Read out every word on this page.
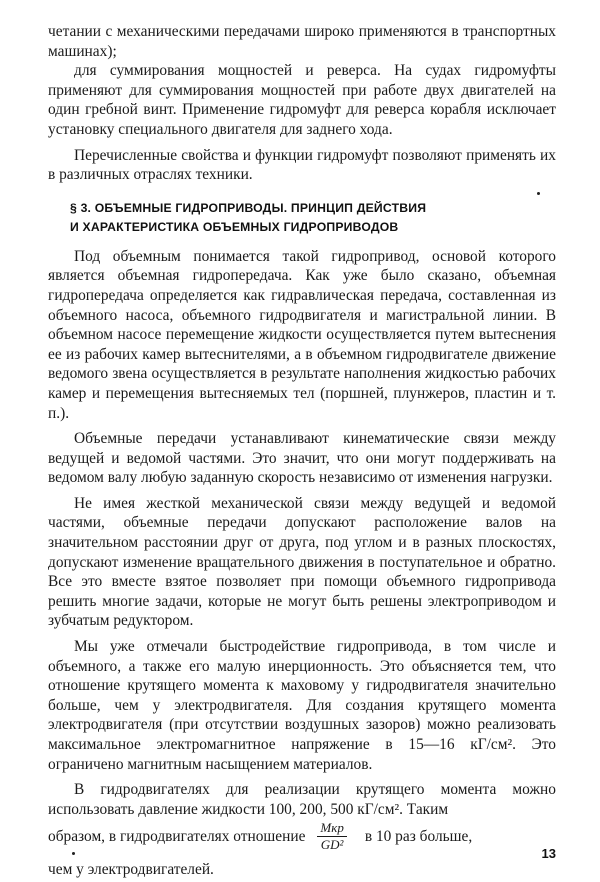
четании с механическими передачами широко применяются в транспортных машинах);

для суммирования мощностей и реверса. На судах гидромуфты применяют для суммирования мощностей при работе двух двигателей на один гребной винт. Применение гидромуфт для реверса корабля исключает установку специального двигателя для заднего хода.

Перечисленные свойства и функции гидромуфт позволяют применять их в различных отраслях техники.

§ 3. ОБЪЕМНЫЕ ГИДРОПРИВОДЫ. ПРИНЦИП ДЕЙСТВИЯ
И ХАРАКТЕРИСТИКА ОБЪЕМНЫХ ГИДРОПРИВОДОВ

Под объемным понимается такой гидропривод, основой которого является объемная гидропередача. Как уже было сказано, объемная гидропередача определяется как гидравлическая передача, составленная из объемного насоса, объемного гидродвигателя и магистральной линии. В объемном насосе перемещение жидкости осуществляется путем вытеснения ее из рабочих камер вытеснителями, а в объемном гидродвигателе движение ведомого звена осуществляется в результате наполнения жидкостью рабочих камер и перемещения вытесняемых тел (поршней, плунжеров, пластин и т. п.).

Объемные передачи устанавливают кинематические связи между ведущей и ведомой частями. Это значит, что они могут поддерживать на ведомом валу любую заданную скорость независимо от изменения нагрузки.

Не имея жесткой механической связи между ведущей и ведомой частями, объемные передачи допускают расположение валов на значительном расстоянии друг от друга, под углом и в разных плоскостях, допускают изменение вращательного движения в поступательное и обратно. Все это вместе взятое позволяет при помощи объемного гидропривода решить многие задачи, которые не могут быть решены электроприводом и зубчатым редуктором.

Мы уже отмечали быстродействие гидропривода, в том числе и объемного, а также его малую инерционность. Это объясняется тем, что отношение крутящего момента к маховому у гидродвигателя значительно больше, чем у электродвигателя. Для создания крутящего момента электродвигателя (при отсутствии воздушных зазоров) можно реализовать максимальное электромагнитное напряжение в 15—16 кГ/см². Это ограничено магнитным насыщением материалов.

В гидродвигателях для реализации крутящего момента можно использовать давление жидкости 100, 200, 500 кГ/см². Таким

образом, в гидродвигателях отношение $\frac{\text{Mкр}}{\text{GD²}}$ в 10 раз больше,

чем у электродвигателей.

13
